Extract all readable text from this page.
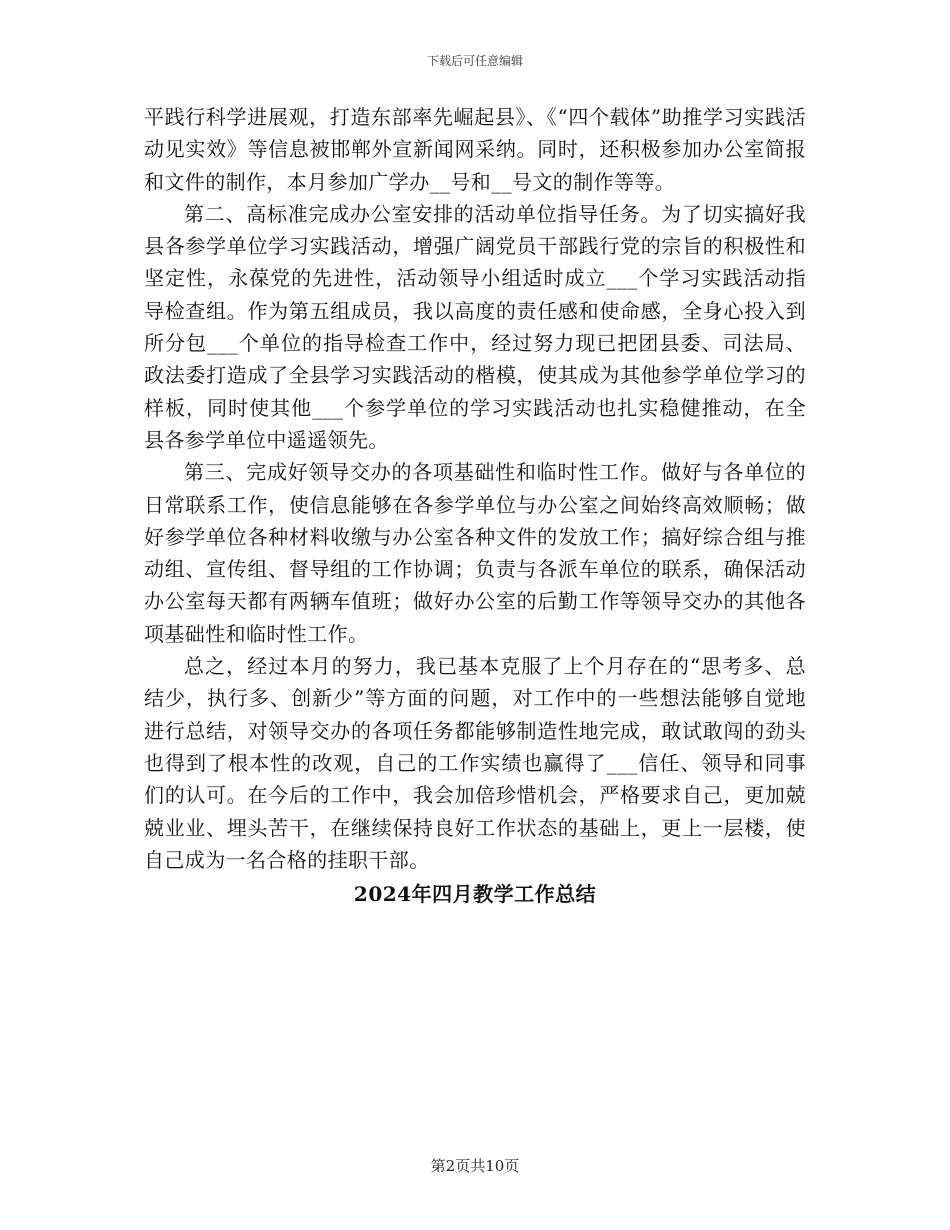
下载后可任意编辑

平践行科学进展观，打造东部率先崛起县》、《“四个载体”助推学习实践活动见实效》等信息被邯郸外宣新闻网采纳。同时，还积极参加办公室简报和文件的制作，本月参加广学办__号和__号文的制作等等。

第二、高标准完成办公室安排的活动单位指导任务。为了切实搞好我县各参学单位学习实践活动，增强广阔党员干部践行党的宗旨的积极性和坚定性，永葆党的先进性，活动领导小组适时成立___个学习实践活动指导检查组。作为第五组成员，我以高度的责任感和使命感，全身心投入到所分包___个单位的指导检查工作中，经过努力现已把团县委、司法局、政法委打造成了全县学习实践活动的楷模，使其成为其他参学单位学习的样板，同时使其他___个参学单位的学习实践活动也扎实稳健推动，在全县各参学单位中遥遥领先。

第三、完成好领导交办的各项基础性和临时性工作。做好与各单位的日常联系工作，使信息能够在各参学单位与办公室之间始终高效顺畅；做好参学单位各种材料收缴与办公室各种文件的发放工作；搞好综合组与推动组、宣传组、督导组的工作协调；负责与各派车单位的联系，确保活动办公室每天都有两辆车值班；做好办公室的后勤工作等领导交办的其他各项基础性和临时性工作。

总之，经过本月的努力，我已基本克服了上个月存在的“思考多、总结少，执行多、创新少”等方面的问题，对工作中的一些想法能够自觉地进行总结，对领导交办的各项任务都能够制造性地完成，敢试敢闯的劲头也得到了根本性的改观，自己的工作实绩也赢得了___信任、领导和同事们的认可。在今后的工作中，我会加倍珍惜机会，严格要求自己，更加兢兢业业、埋头苦干，在继续保持良好工作状态的基础上，更上一层楼，使自己成为一名合格的挂职干部。

2024年四月教学工作总结
第2页共10页
